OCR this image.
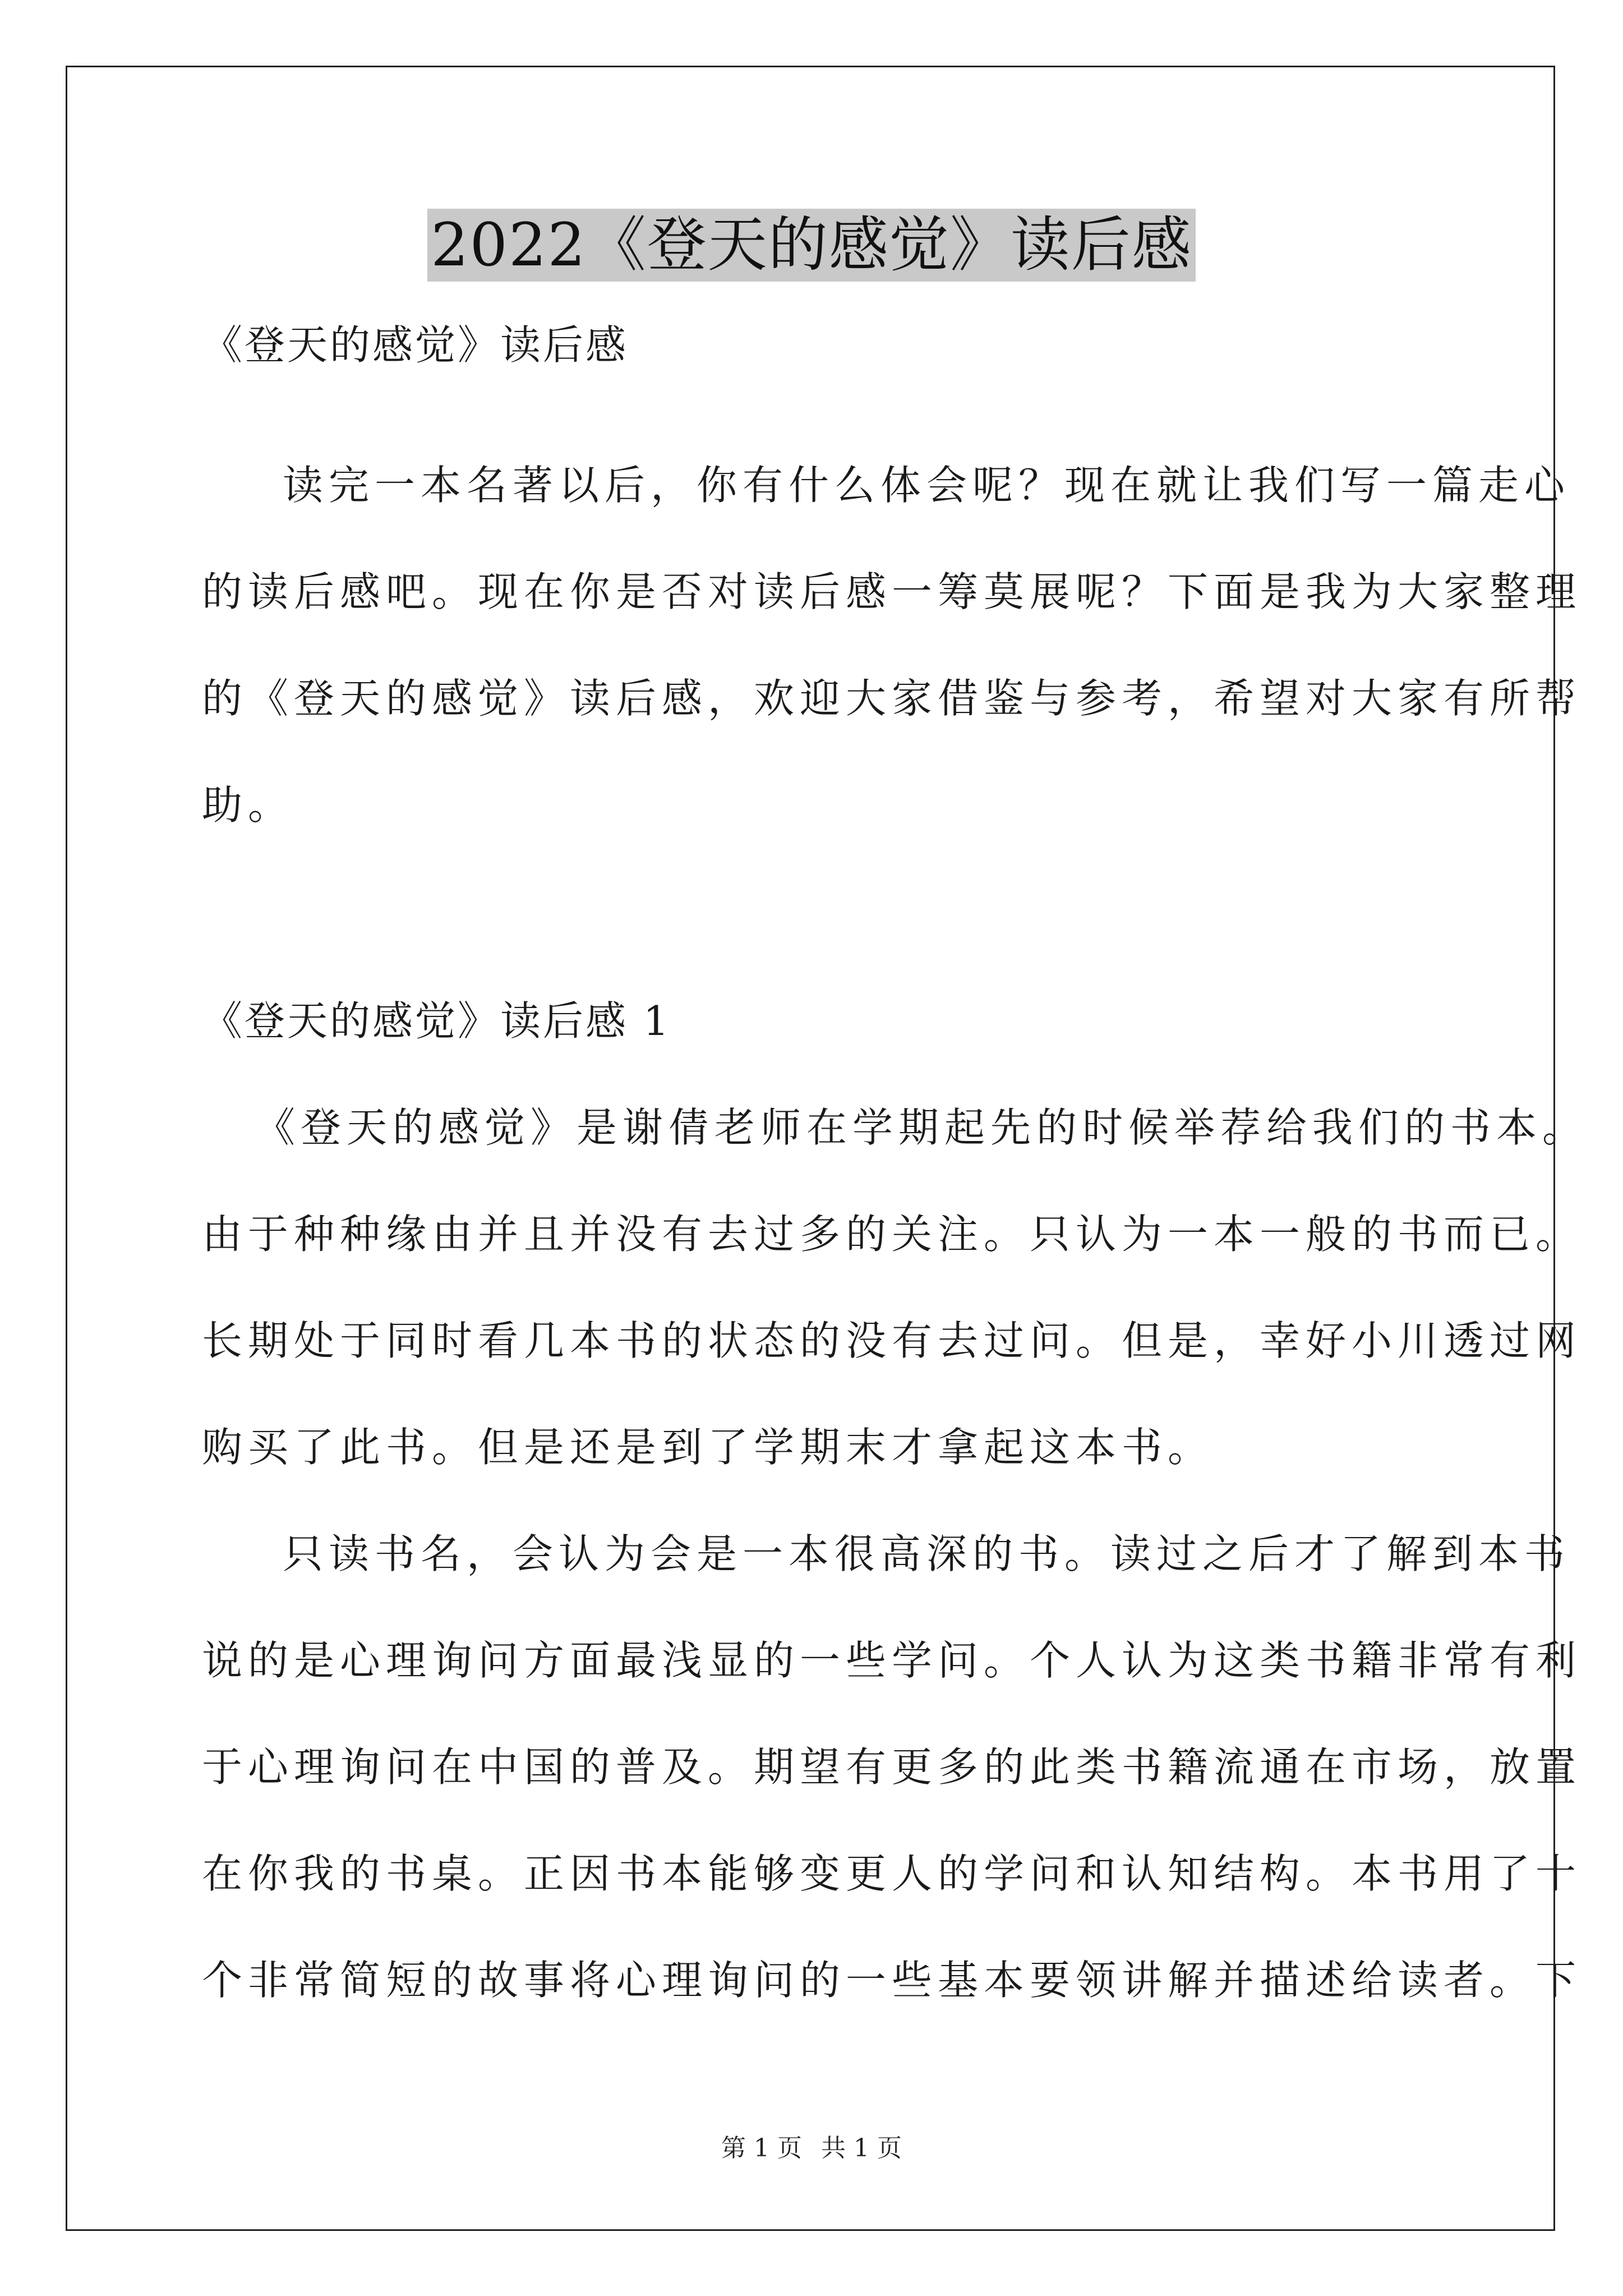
2022《登天的感觉》读后感
《登天的感觉》读后感
读完一本名著以后，你有什么体会呢？现在就让我们写一篇走心
的读后感吧。现在你是否对读后感一筹莫展呢？下面是我为大家整理
的《登天的感觉》读后感，欢迎大家借鉴与参考，希望对大家有所帮
助。
《登天的感觉》读后感 1
《登天的感觉》是谢倩老师在学期起先的时候举荐给我们的书本。
由于种种缘由并且并没有去过多的关注。只认为一本一般的书而已。
长期处于同时看几本书的状态的没有去过问。但是，幸好小川透过网
购买了此书。但是还是到了学期末才拿起这本书。
只读书名，会认为会是一本很高深的书。读过之后才了解到本书
说的是心理询问方面最浅显的一些学问。个人认为这类书籍非常有利
于心理询问在中国的普及。期望有更多的此类书籍流通在市场，放置
在你我的书桌。正因书本能够变更人的学问和认知结构。本书用了十
个非常简短的故事将心理询问的一些基本要领讲解并描述给读者。下
第 1 页 共 1 页
